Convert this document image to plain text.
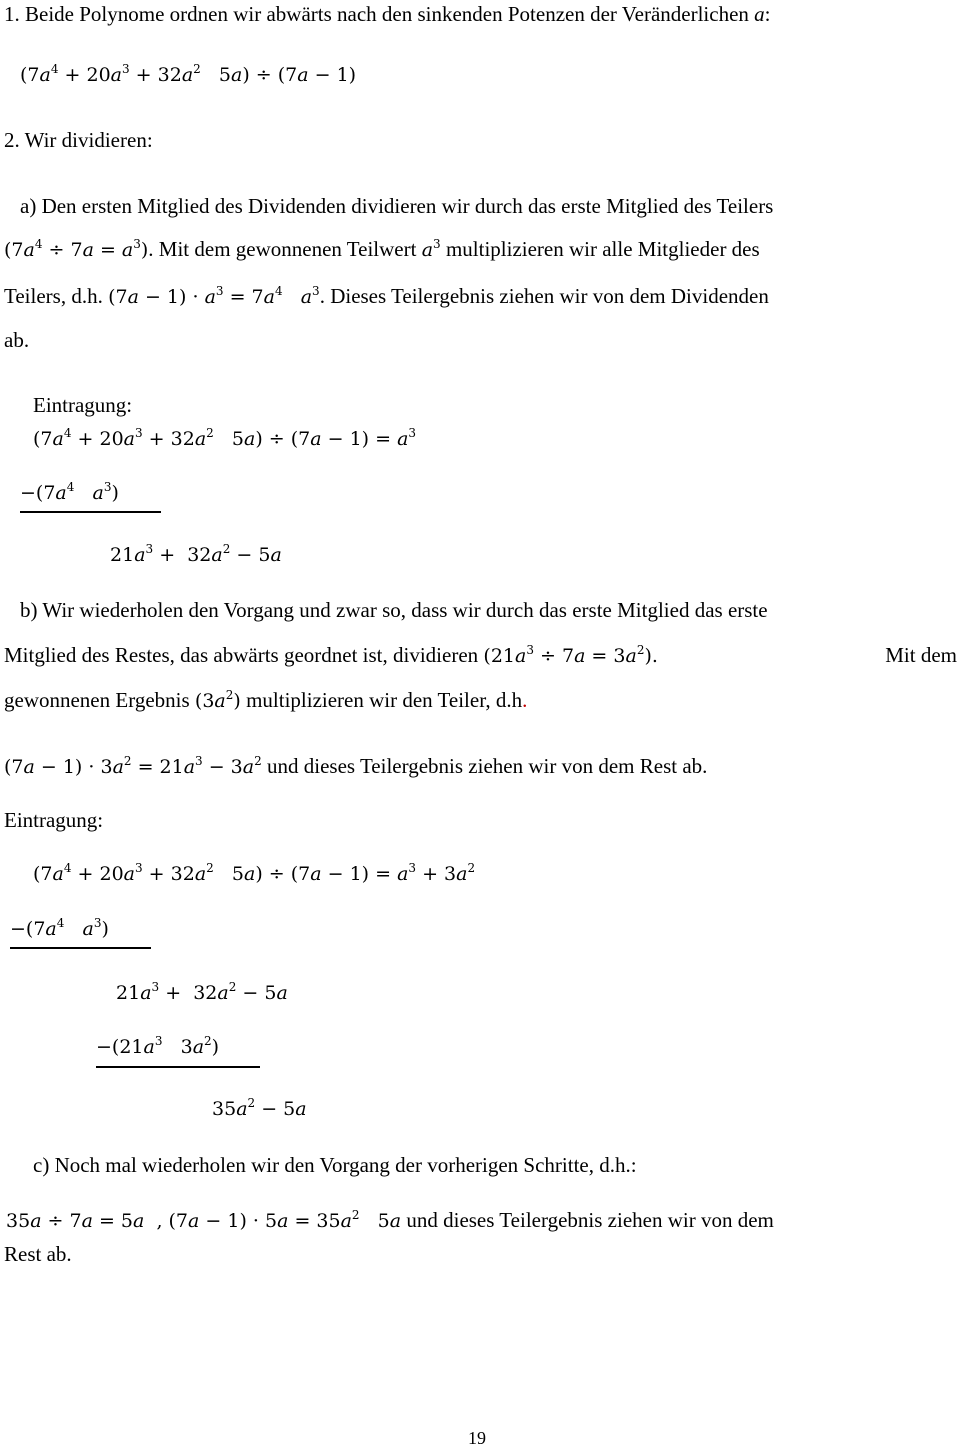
1. Beide Polynome ordnen wir abwärts nach den sinkenden Potenzen der Veränderlichen a:
($7a^4 + 20a^3 + 32a^2$   5a) ÷ (7a − 1)
2. Wir dividieren:
a) Den ersten Mitglied des Dividenden dividieren wir durch das erste Mitglied des Teilers
$(7a^4 \div 7a = a^3)$. Mit dem gewonnenen Teilwert $a^3$ multiplizieren wir alle Mitglieder des
Teilers, d.h. $(7a - 1) \cdot a^3 = 7a^4$ $a^3$. Dieses Teilergebnis ziehen wir von dem Dividenden
ab.
Eintragung:
($7a^4 + 20a^3 + 32a^2$   $5a) \div (7a - 1) = a^3$
$-(7a^4$ $a^3$)
$21a^3 + 32a^2 - 5a$
b) Wir wiederholen den Vorgang und zwar so, dass wir durch das erste Mitglied das erste
Mitglied des Restes, das abwärts geordnet ist, dividieren $(21a^3 \div 7a = 3a^2)$.	Mit dem
gewonnenen Ergebnis $(3a^2)$ multiplizieren wir den Teiler, d.h.
$(7a - 1) \cdot 3a^2 = 21a^3 - 3a^2$ und dieses Teilergebnis ziehen wir von dem Rest ab.
Eintragung:
($7a^4 + 20a^3 + 32a^2$   $5a) \div (7a - 1) = a^3 + 3a^2$
$-(7a^4$ $a^3$)
$21a^3 + 32a^2 - 5a$
$-(21a^3$   $3a^2$)
$35a^2 - 5a$
c) Noch mal wiederholen wir den Vorgang der vorherigen Schritte, d.h.:
35a ÷ 7a = 5a  , $(7a - 1) \cdot 5a = 35a^2$   5a und dieses Teilergebnis ziehen wir von dem
Rest ab.
19
